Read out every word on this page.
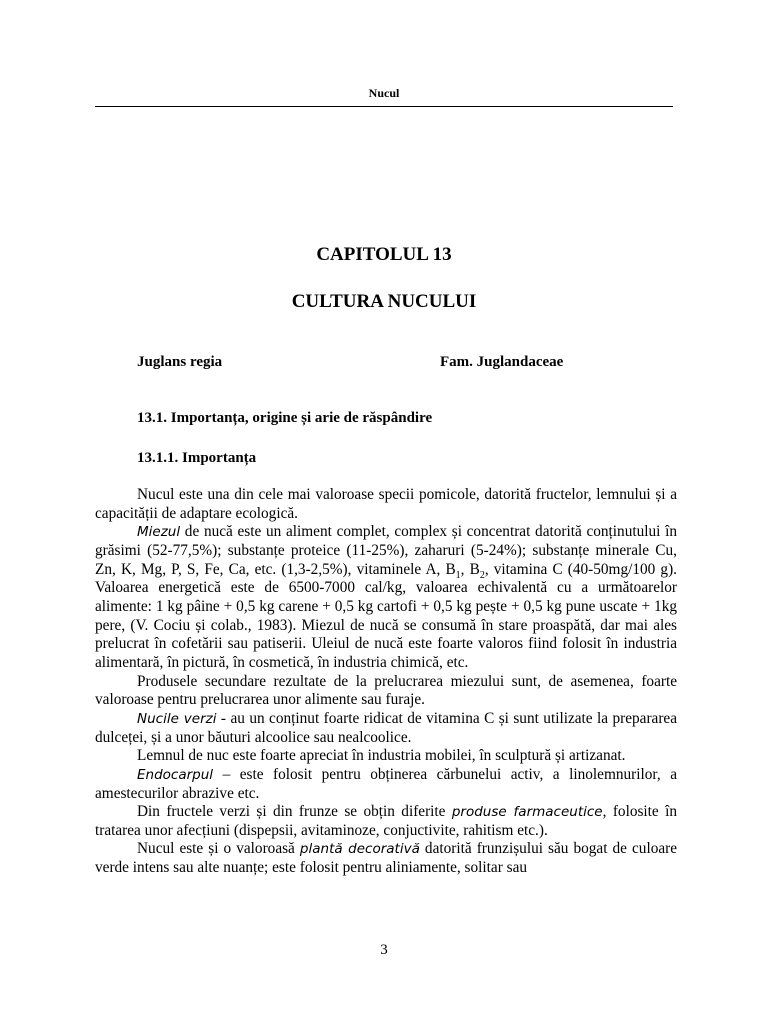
Nucul
CAPITOLUL 13
CULTURA NUCULUI
Juglans regia	Fam. Juglandaceae
13.1. Importanța, origine și arie de răspândire
13.1.1. Importanța

Nucul este una din cele mai valoroase specii pomicole, datorită fructelor, lemnului și a capacității de adaptare ecologică.

Miezul de nucă este un aliment complet, complex și concentrat datorită conținutului în grăsimi (52-77,5%); substanțe proteice (11-25%), zaharuri (5-24%); substanțe minerale Cu, Zn, K, Mg, P, S, Fe, Ca, etc. (1,3-2,5%), vitaminele A, $B_1$, $B_2$, vitamina C (40-50mg/100 g). Valoarea energetică este de 6500-7000 cal/kg, valoarea echivalentă cu a următoarelor alimente: 1 kg pâine + 0,5 kg carene + 0,5 kg cartofi + 0,5 kg pește + 0,5 kg pune uscate + 1kg pere, (V. Cociu și colab., 1983). Miezul de nucă se consumă în stare proaspătă, dar mai ales prelucrat în cofetării sau patiserii. Uleiul de nucă este foarte valoros fiind folosit în industria alimentară, în pictură, în cosmetică, în industria chimică, etc.

Produsele secundare rezultate de la prelucrarea miezului sunt, de asemenea, foarte valoroase pentru prelucrarea unor alimente sau furaje.

Nucile verzi - au un conținut foarte ridicat de vitamina C și sunt utilizate la prepararea dulceței, și a unor băuturi alcoolice sau nealcoolice.

Lemnul de nuc este foarte apreciat în industria mobilei, în sculptură și artizanat.

Endocarpul – este folosit pentru obținerea cărbunelui activ, a linolemnurilor, a amestecurilor abrazive etc.

Din fructele verzi și din frunze se obțin diferite produse farmaceutice, folosite în tratarea unor afecțiuni (dispepsii, avitaminoze, conjuctivite, rahitism etc.).

Nucul este și o valoroasă plantă decorativă datorită frunzișului său bogat de culoare verde intens sau alte nuanțe; este folosit pentru aliniamente, solitar sau

3
